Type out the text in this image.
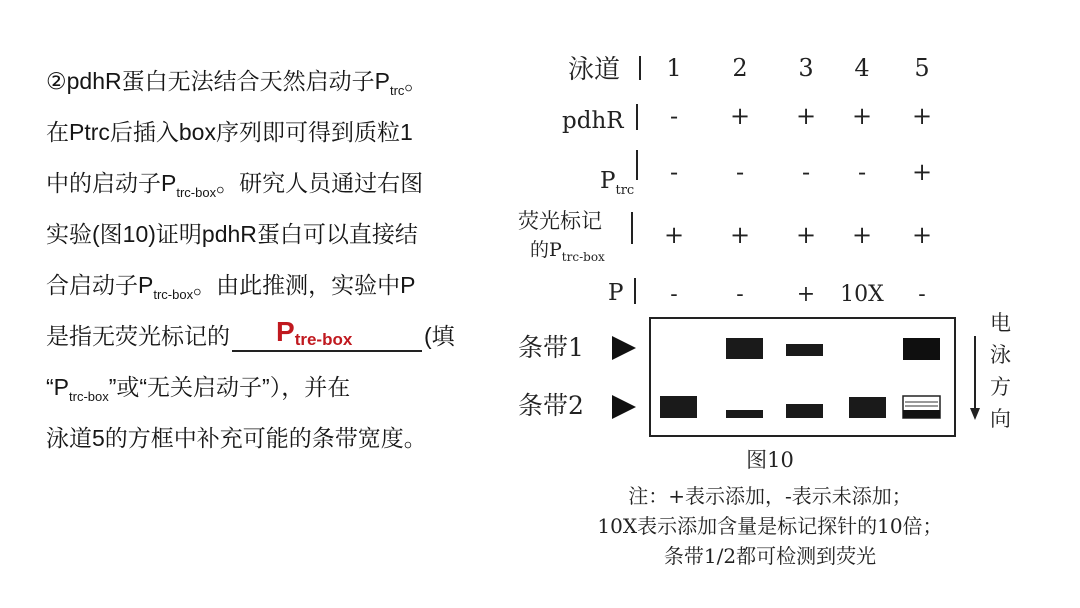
②pdhR蛋白无法结合天然启动子$P_{trc}$。
在Ptrc后插入box序列即可得到质粒1
中的启动子$P_{trc-box}$。研究人员通过右图
实验(图10)证明pdhR蛋白可以直接结
合启动子$P_{trc-box}$。由此推测，实验中P
是指无荧光标记的 $P_{tre-box}$	(填
“$P_{trc-box}$”或“无关启动子”），并在
泳道5的方框中补充可能的条带宽度。
泳道
pdhR
$P_{trc}$
荧光标记
的$P_{trc-box}$
P
条带1
条带2
1 2 3 4 5
- + + + +
- - - - +
+ + + + +
-	- + 10X -
电
泳
方
向
图10
注：+表示添加，-表示未添加；
10X表示添加含量是标记探针的10倍；
条带1/2都可检测到荧光
